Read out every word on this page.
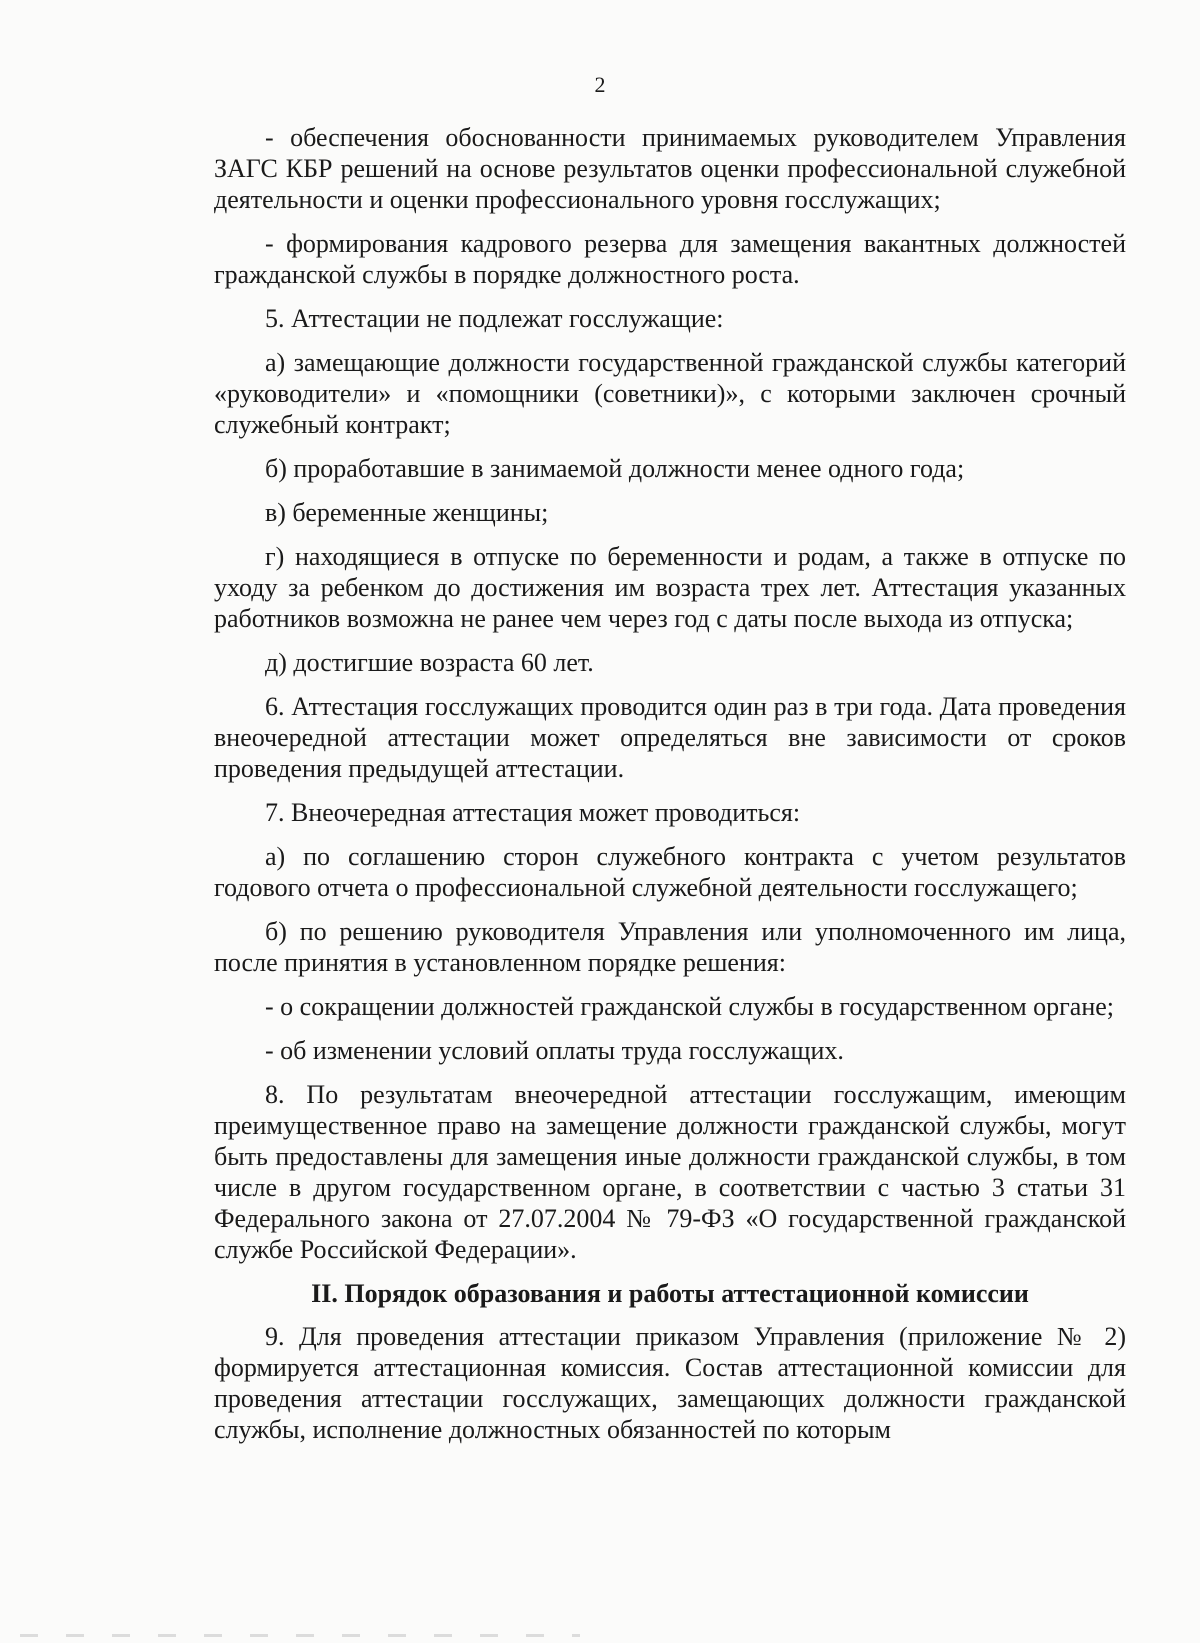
2

- обеспечения обоснованности принимаемых руководителем Управления ЗАГС КБР решений на основе результатов оценки профессиональной служебной деятельности и оценки профессионального уровня госслужащих;

- формирования кадрового резерва для замещения вакантных должностей гражданской службы в порядке должностного роста.

5. Аттестации не подлежат госслужащие:

а) замещающие должности государственной гражданской службы категорий «руководители» и «помощники (советники)», с которыми заключен срочный служебный контракт;

б) проработавшие в занимаемой должности менее одного года;

в) беременные женщины;

г) находящиеся в отпуске по беременности и родам, а также в отпуске по уходу за ребенком до достижения им возраста трех лет. Аттестация указанных работников возможна не ранее чем через год с даты после выхода из отпуска;

д) достигшие возраста 60 лет.

6. Аттестация госслужащих проводится один раз в три года. Дата проведения внеочередной аттестации может определяться вне зависимости от сроков проведения предыдущей аттестации.

7. Внеочередная аттестация может проводиться:

а) по соглашению сторон служебного контракта с учетом результатов годового отчета о профессиональной служебной деятельности госслужащего;

б) по решению руководителя Управления или уполномоченного им лица, после принятия в установленном порядке решения:

- о сокращении должностей гражданской службы в государственном органе;

- об изменении условий оплаты труда госслужащих.

8. По результатам внеочередной аттестации госслужащим, имеющим преимущественное право на замещение должности гражданской службы, могут быть предоставлены для замещения иные должности гражданской службы, в том числе в другом государственном органе, в соответствии с частью 3 статьи 31 Федерального закона от 27.07.2004 № 79-ФЗ «О государственной гражданской службе Российской Федерации».

II. Порядок образования и работы аттестационной комиссии

9. Для проведения аттестации приказом Управления (приложение № 2) формируется аттестационная комиссия. Состав аттестационной комиссии для проведения аттестации госслужащих, замещающих должности гражданской службы, исполнение должностных обязанностей по которым
